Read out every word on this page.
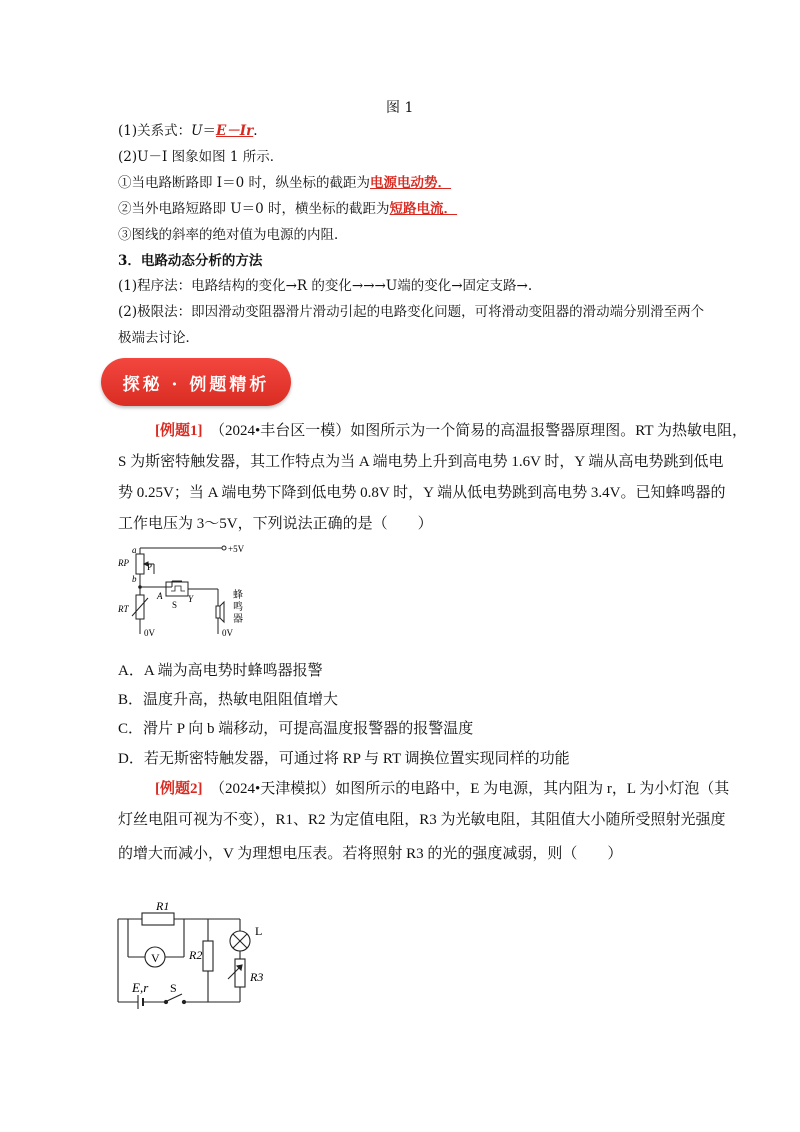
图 1
(1)关系式：U＝E－Ir.
(2)U－I 图象如图 1 所示．
①当电路断路即 I＝0 时，纵坐标的截距为电源电动势．
②当外电路短路即 U＝0 时，横坐标的截距为短路电流．
③图线的斜率的绝对值为电源的内阻．
3．电路动态分析的方法
(1)程序法：电路结构的变化→R 的变化→→→U端的变化→固定支路→.
(2)极限法：即因滑动变阻器滑片滑动引起的电路变化问题，可将滑动变阻器的滑动端分别滑至两个
极端去讨论．
探秘 · 例题精析
[例题1]　 （2024•丰台区一模）如图所示为一个简易的高温报警器原理图。RT 为热敏电阻，
S 为斯密特触发器，其工作特点为当 A 端电势上升到高电势 1.6V 时，Y 端从高电势跳到低电
势 0.25V；当 A 端电势下降到低电势 0.8V 时，Y 端从低电势跳到高电势 3.4V。已知蜂鸣器的
工作电压为 3～5V，下列说法正确的是（　　）
a
RP P
b
+5V
A
S
Y
RT
0V	0V
蜂
鸣
器
A．A 端为高电势时蜂鸣器报警
B．温度升高，热敏电阻阻值增大
C．滑片 P 向 b 端移动，可提高温度报警器的报警温度
D．若无斯密特触发器，可通过将 RP 与 RT 调换位置实现同样的功能
[例题2]　 （2024•天津模拟）如图所示的电路中，E 为电源，其内阻为 r，L 为小灯泡（其
灯丝电阻可视为不变），R1、R2 为定值电阻，R3 为光敏电阻，其阻值大小随所受照射光强度
的增大而减小，V 为理想电压表。若将照射 R3 的光的强度减弱，则（　　）
R1
V R2
L
R3
E,r S
